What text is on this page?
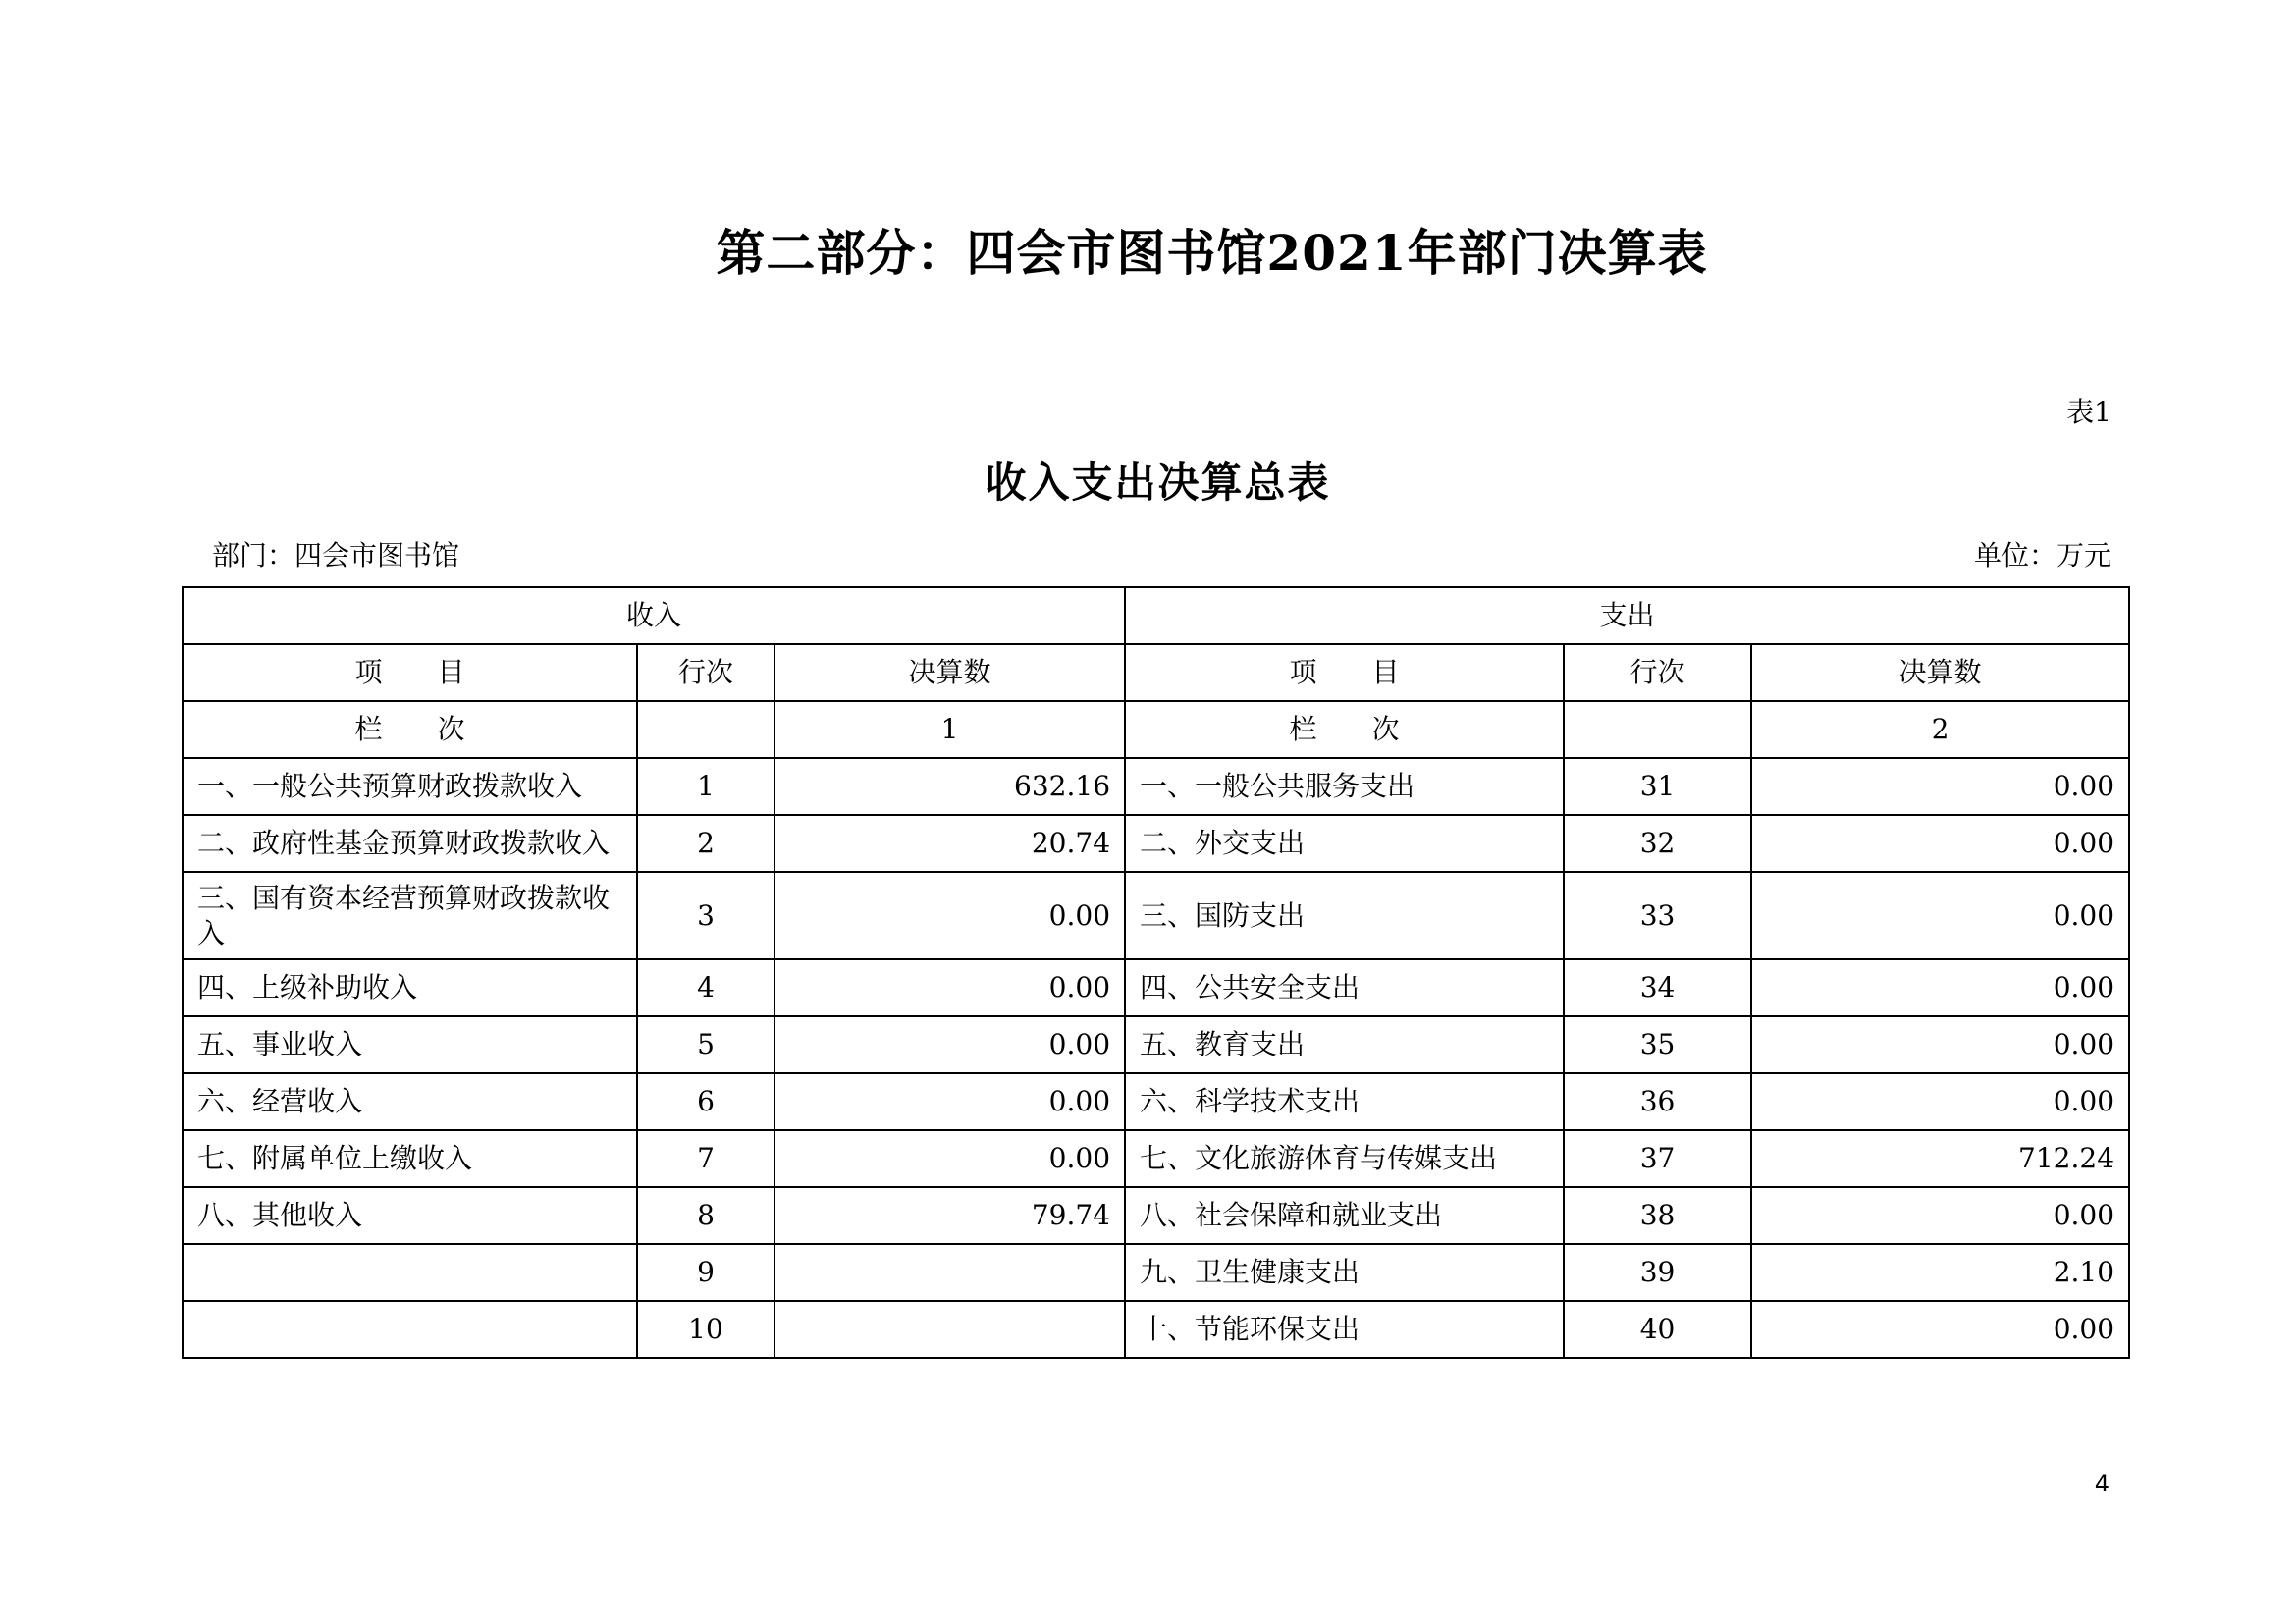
第二部分：四会市图书馆2021年部门决算表
表1
收入支出决算总表
部门：四会市图书馆	单位：万元
收入			支出		
项　　目	行次	决算数	项　　目	行次	决算数
栏　　次		1	栏　　次		2
一、一般公共预算财政拨款收入	1	632.16	一、一般公共服务支出	31	0.00
二、政府性基金预算财政拨款收入	2	20.74	二、外交支出	32	0.00
三、国有资本经营预算财政拨款收入	3	0.00	三、国防支出	33	0.00
四、上级补助收入	4	0.00	四、公共安全支出	34	0.00
五、事业收入	5	0.00	五、教育支出	35	0.00
六、经营收入	6	0.00	六、科学技术支出	36	0.00
七、附属单位上缴收入	7	0.00	七、文化旅游体育与传媒支出	37	712.24
八、其他收入	8	79.74	八、社会保障和就业支出	38	0.00
	9		九、卫生健康支出	39	2.10
	10		十、节能环保支出	40	0.00
4
